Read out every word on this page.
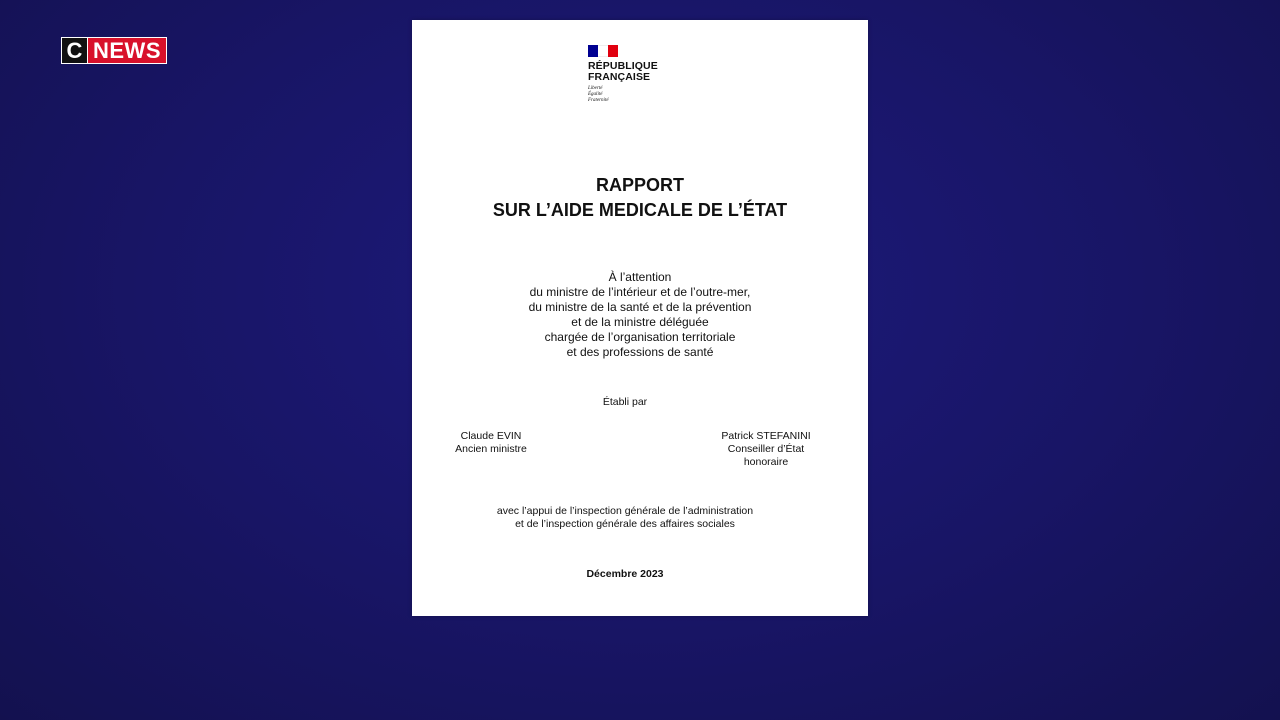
C NEWS
RÉPUBLIQUE
FRANÇAISE
Liberté
Égalité
Fraternité
RAPPORT
SUR L’AIDE MEDICALE DE L’ÉTAT
À l’attention
du ministre de l’intérieur et de l’outre-mer,
du ministre de la santé et de la prévention
et de la ministre déléguée
chargée de l’organisation territoriale
et des professions de santé
Établi par
Claude EVIN
Ancien ministre
Patrick STEFANINI
Conseiller d’État
honoraire
avec l’appui de l’inspection générale de l’administration
et de l’inspection générale des affaires sociales
Décembre 2023
